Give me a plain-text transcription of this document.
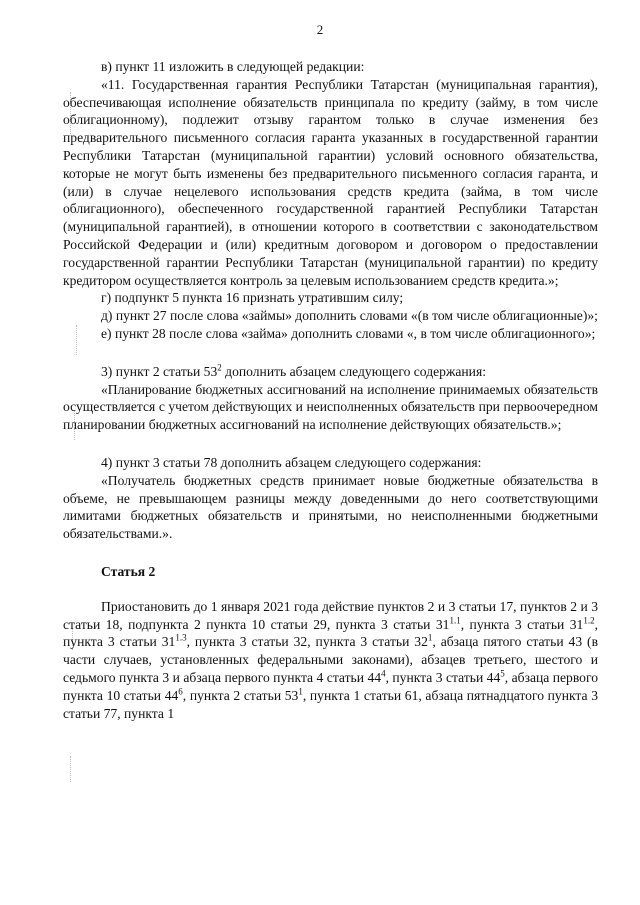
2

в) пункт 11 изложить в следующей редакции:

«11. Государственная гарантия Республики Татарстан (муниципальная гарантия), обеспечивающая исполнение обязательств принципала по кредиту (займу, в том числе облигационному), подлежит отзыву гарантом только в случае изменения без предварительного письменного согласия гаранта указанных в государственной гарантии Республики Татарстан (муниципальной гарантии) условий основного обязательства, которые не могут быть изменены без предварительного письменного согласия гаранта, и (или) в случае нецелевого использования средств кредита (займа, в том числе облигационного), обеспеченного государственной гарантией Республики Татарстан (муниципальной гарантией), в отношении которого в соответствии с законодательством Российской Федерации и (или) кредитным договором и договором о предоставлении государственной гарантии Республики Татарстан (муниципальной гарантии) по кредиту кредитором осуществляется контроль за целевым использованием средств кредита.»;

г) подпункт 5 пункта 16 признать утратившим силу;

д) пункт 27 после слова «займы» дополнить словами «(в том числе облигационные)»;

е) пункт 28 после слова «займа» дополнить словами «, в том числе облигационного»;

3) пункт 2 статьи $53^2$ дополнить абзацем следующего содержания:

«Планирование бюджетных ассигнований на исполнение принимаемых обязательств осуществляется с учетом действующих и неисполненных обязательств при первоочередном планировании бюджетных ассигнований на исполнение действующих обязательств.»;

4) пункт 3 статьи 78 дополнить абзацем следующего содержания:

«Получатель бюджетных средств принимает новые бюджетные обязательства в объеме, не превышающем разницы между доведенными до него соответствующими лимитами бюджетных обязательств и принятыми, но неисполненными бюджетными обязательствами.».

Статья 2

Приостановить до 1 января 2021 года действие пунктов 2 и 3 статьи 17, пунктов 2 и 3 статьи 18, подпункта 2 пункта 10 статьи 29, пункта 3 статьи $31^{1.1}$, пункта 3 статьи $31^{1.2}$, пункта 3 статьи $31^{1.3}$, пункта 3 статьи 32, пункта 3 статьи $32^1$, абзаца пятого статьи 43 (в части случаев, установленных федеральными законами), абзацев третьего, шестого и седьмого пункта 3 и абзаца первого пункта 4 статьи $44^4$, пункта 3 статьи $44^5$, абзаца первого пункта 10 статьи $44^6$, пункта 2 статьи $53^1$, пункта 1 статьи 61, абзаца пятнадцатого пункта 3 статьи 77, пункта 1
